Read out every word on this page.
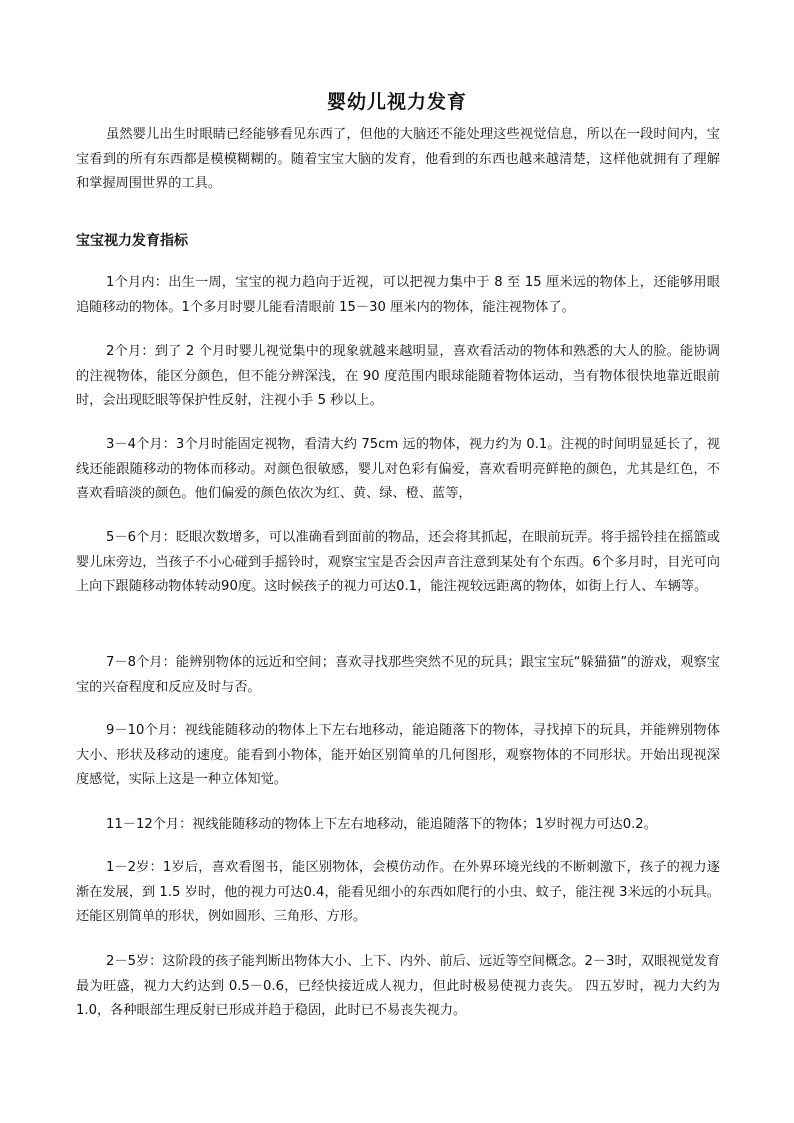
婴幼儿视力发育

虽然婴儿出生时眼睛已经能够看见东西了，但他的大脑还不能处理这些视觉信息，所以在一段时间内，宝宝看到的所有东西都是模模糊糊的。随着宝宝大脑的发育，他看到的东西也越来越清楚，这样他就拥有了理解和掌握周围世界的工具。

宝宝视力发育指标

1个月内：出生一周，宝宝的视力趋向于近视，可以把视力集中于 8 至 15 厘米远的物体上，还能够用眼追随移动的物体。1个多月时婴儿能看清眼前 15－30 厘米内的物体，能注视物体了。

2个月：到了 2 个月时婴儿视觉集中的现象就越来越明显，喜欢看活动的物体和熟悉的大人的脸。能协调的注视物体，能区分颜色，但不能分辨深浅，在 90 度范围内眼球能随着物体运动，当有物体很快地靠近眼前时，会出现眨眼等保护性反射，注视小手 5 秒以上。

3－4个月：3个月时能固定视物，看清大约 75cm 远的物体，视力约为 0.1。注视的时间明显延长了，视线还能跟随移动的物体而移动。对颜色很敏感，婴儿对色彩有偏爱，喜欢看明亮鲜艳的颜色，尤其是红色，不喜欢看暗淡的颜色。他们偏爱的颜色依次为红、黄、绿、橙、蓝等，

5－6个月：眨眼次数增多，可以准确看到面前的物品，还会将其抓起，在眼前玩弄。将手摇铃挂在摇篮或婴儿床旁边，当孩子不小心碰到手摇铃时，观察宝宝是否会因声音注意到某处有个东西。6个多月时，目光可向上向下跟随移动物体转动90度。这时候孩子的视力可达0.1，能注视较远距离的物体，如街上行人、车辆等。

7－8个月：能辨别物体的远近和空间；喜欢寻找那些突然不见的玩具；跟宝宝玩“躲猫猫”的游戏，观察宝宝的兴奋程度和反应及时与否。

9－10个月：视线能随移动的物体上下左右地移动，能追随落下的物体，寻找掉下的玩具，并能辨别物体大小、形状及移动的速度。能看到小物体，能开始区别简单的几何图形，观察物体的不同形状。开始出现视深度感觉，实际上这是一种立体知觉。

11－12个月：视线能随移动的物体上下左右地移动，能追随落下的物体；1岁时视力可达0.2。

1－2岁：1岁后，喜欢看图书，能区别物体，会模仿动作。在外界环境光线的不断刺激下，孩子的视力逐渐在发展，到 1.5 岁时，他的视力可达0.4，能看见细小的东西如爬行的小虫、蚊子，能注视 3米远的小玩具。还能区别简单的形状，例如圆形、三角形、方形。

2－5岁：这阶段的孩子能判断出物体大小、上下、内外、前后、远近等空间概念。2－3时，双眼视觉发育最为旺盛，视力大约达到 0.5－0.6，已经快接近成人视力，但此时极易使视力丧失。 四五岁时，视力大约为 1.0，各种眼部生理反射已形成并趋于稳固，此时已不易丧失视力。
